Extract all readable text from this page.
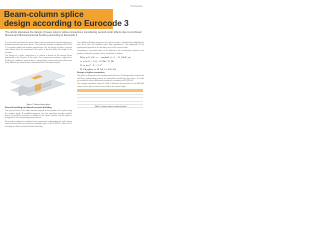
Software
Beam-column splice
design according to Eurocode 3

The article discusses the design of beam-column splice connections considering second-order effects due to combined flexural and flexural-torsional buckling according to Eurocode 3.

In a structural steel frame the beam-column splice connections transmit axial forces, bending moments and shear forces. The structural analysis according to EN 1993-1-1 considers global and member imperfections. For the design of splices, second-order effects must be considered if the splice is located within the length of the member.

The design of a splice connection in a column is based on the internal forces determined at the location of the splice. For compression members subjected to buckling the additional moment due to imperfections and second-order effects has to be added to the internal forces determined from first-order analysis.

Figure 1: Beam-column splice

Flexural buckling and lateral torsional buckling

The internal forces at the splice location depend on the position of the splice along the member length. A simplified approach uses the equivalent member method, where the buckling resistance is verified for the whole member and the splice is designed for the corresponding internal forces.

For members subject to combined axial compression and bending, the splice forces can be derived from the interaction equations given in EN 1993-1-1, clause 6.3.3, including the effects of lateral torsional buckling.

The additional bending moment at the splice location is obtained by multiplying the axial force with the amplified initial bow imperfection. The magnitude of the imperfection depends on the buckling curve of the cross-section.

Considering a sinusoidal shape of the deflection, the second-order moment at the position x along the member can be calculated as follows:

M(x) = N_Ed · e₀ · sin(πx/L) / (1 − N_Ed/N_cr)
e₀ = α (λ̄ − 0.2) · M_Rk / N_Rk
N_cr = π² · E · I / L²
M_Ed,splice = M_Ed,I + ΔM_Ed

Design of splice connection

The splice is designed for the resulting internal forces. The flange plates transfer the axial force and bending moment, the web plates transfer the shear force. The bolts are verified for shear and bearing resistance according to EN 1993-1-8.

The example calculation shown in Table 1 illustrates the procedure for an HEB 300 column with a splice located at one third of the column height.

Table 1: Design values at splice location
